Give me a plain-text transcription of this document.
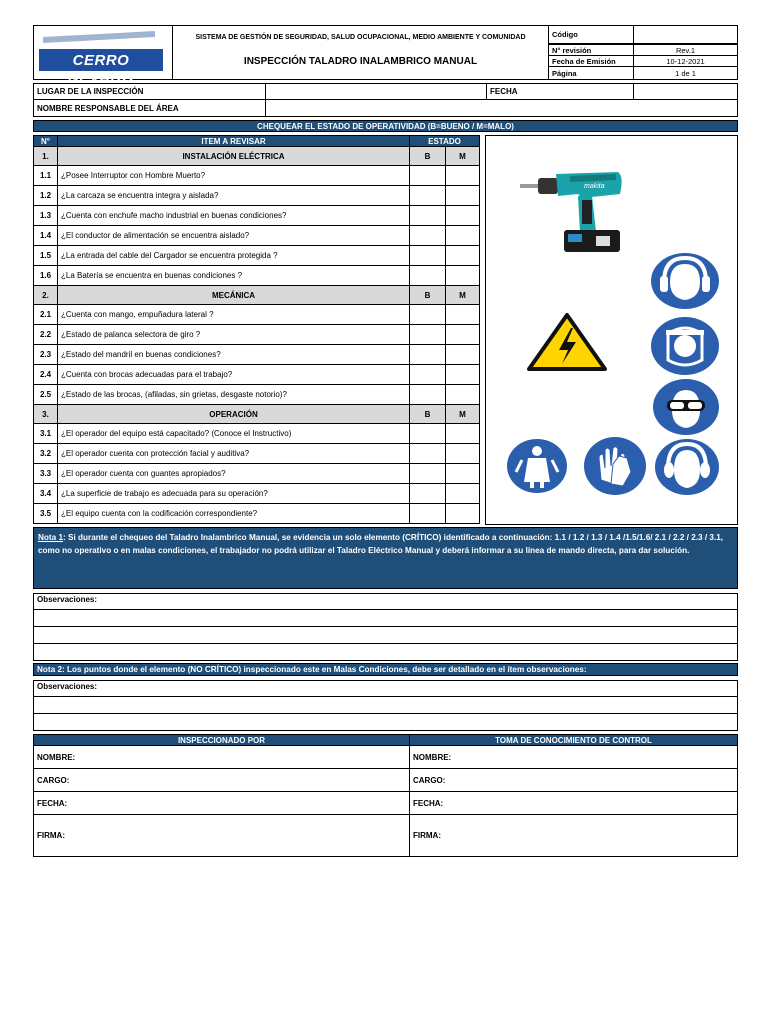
CERRO NEVADO
SISTEMA DE GESTIÓN DE SEGURIDAD, SALUD OCUPACIONAL, MEDIO AMBIENTE Y COMUNIDAD
INSPECCIÓN TALADRO INALAMBRICO MANUAL
Código
N° revisión	Rev.1
Fecha de Emisión	10-12-2021
Página	1 de 1
LUGAR DE LA INSPECCIÓN	FECHA
NOMBRE RESPONSABLE DEL ÁREA
CHEQUEAR EL ESTADO DE OPERATIVIDAD (B=BUENO / M=MALO)
N°	ITEM A REVISAR	ESTADO
1.	INSTALACIÓN ELÉCTRICA	B	M
1.1	¿Posee Interruptor con Hombre Muerto?
1.2	¿La carcaza se encuentra integra y aislada?
1.3	¿Cuenta con enchufe macho industrial en buenas condiciones?
1.4	¿El conductor de alimentación se encuentra aislado?
1.5	¿La entrada del cable del Cargador se encuentra protegida ?
1.6	¿La Batería se encuentra en buenas condiciones ?
2.	MECÁNICA	B	M
2.1	¿Cuenta con mango, empuñadura lateral ?
2.2	¿Estado de palanca selectora de giro ?
2.3	¿Estado del mandril en buenas condiciones?
2.4	¿Cuenta con brocas adecuadas para el trabajo?
2.5	¿Estado de las brocas, (afiladas, sin grietas, desgaste notorio)?
3.	OPERACIÓN	B	M
3.1	¿El operador del equipo está capacitado? (Conoce el Instructivo)
3.2	¿El operador cuenta con protección facial y auditiva?
3.3	¿El operador cuenta con guantes apropiados?
3.4	¿La superficie de trabajo es adecuada para su operación?
3.5	¿El equipo cuenta con la codificación correspondiente?
makita
Nota 1: Si durante el chequeo del Taladro Inalambrico Manual, se evidencia un solo elemento (CRÍTICO) identificado a continuación: 1.1 / 1.2 / 1.3 / 1.4 /1.5/1.6/ 2.1 / 2.2 / 2.3 / 3.1, como no operativo o en malas condiciones, el trabajador no podrá utilizar el Taladro Eléctrico Manual y deberá informar a su línea de mando directa, para dar solución.
Observaciones:
Nota 2: Los puntos donde el elemento (NO CRÍTICO) inspeccionado este en Malas Condiciones, debe ser detallado en el ítem observaciones:
Observaciones:
INSPECCIONADO POR	TOMA DE CONOCIMIENTO DE CONTROL
NOMBRE:	NOMBRE:
CARGO:	CARGO:
FECHA:	FECHA:
FIRMA:	FIRMA:
